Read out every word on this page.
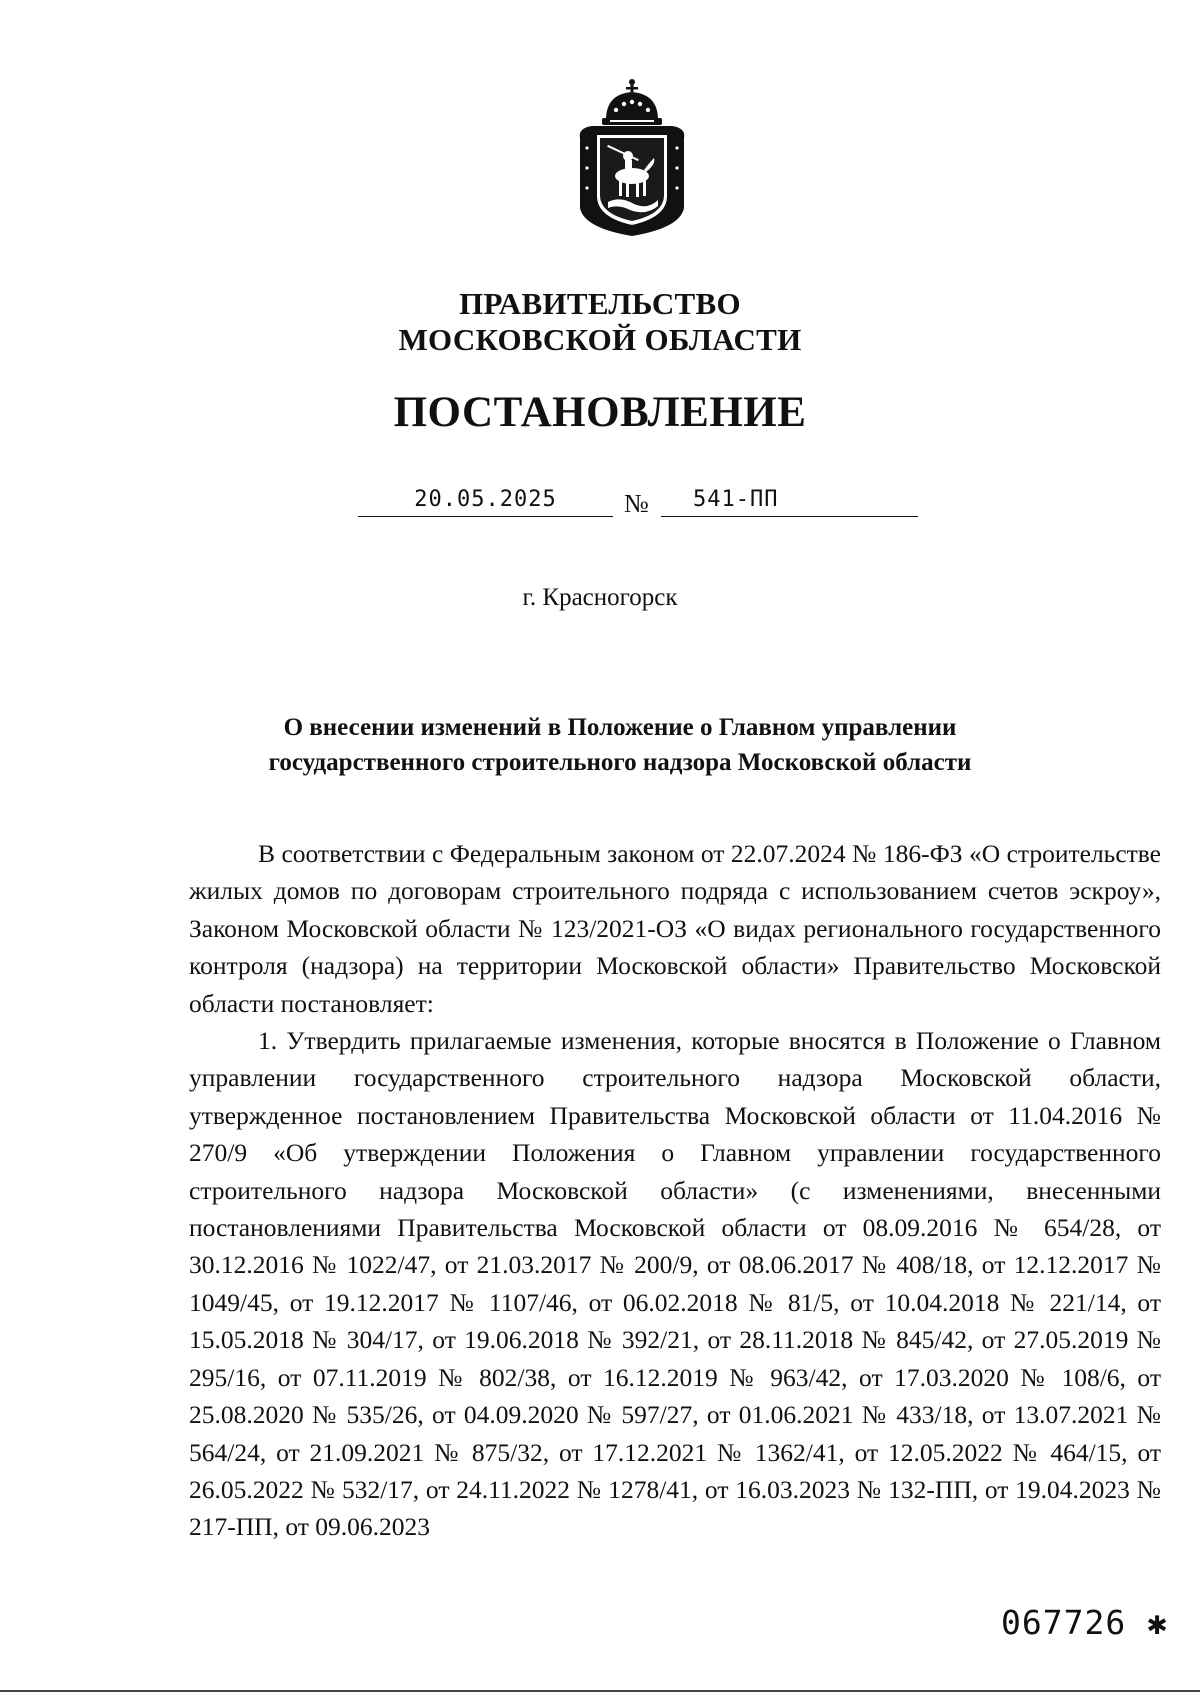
ПРАВИТЕЛЬСТВО
МОСКОВСКОЙ ОБЛАСТИ
ПОСТАНОВЛЕНИЕ
20.05.2025	№	541-ПП
г. Красногорск
О внесении изменений в Положение о Главном управлении
государственного строительного надзора Московской области

В соответствии с Федеральным законом от 22.07.2024 № 186-ФЗ «О строительстве жилых домов по договорам строительного подряда с использованием счетов эскроу», Законом Московской области № 123/2021-ОЗ «О видах регионального государственного контроля (надзора) на территории Московской области» Правительство Московской области постановляет:

1. Утвердить прилагаемые изменения, которые вносятся в Положение о Главном управлении государственного строительного надзора Московской области, утвержденное постановлением Правительства Московской области от 11.04.2016 № 270/9 «Об утверждении Положения о Главном управлении государственного строительного надзора Московской области» (с изменениями, внесенными постановлениями Правительства Московской области от 08.09.2016 № 654/28, от 30.12.2016 № 1022/47, от 21.03.2017 № 200/9, от 08.06.2017 № 408/18, от 12.12.2017 № 1049/45, от 19.12.2017 № 1107/46, от 06.02.2018 № 81/5, от 10.04.2018 № 221/14, от 15.05.2018 № 304/17, от 19.06.2018 № 392/21, от 28.11.2018 № 845/42, от 27.05.2019 № 295/16, от 07.11.2019 № 802/38, от 16.12.2019 № 963/42, от 17.03.2020 № 108/6, от 25.08.2020 № 535/26, от 04.09.2020 № 597/27, от 01.06.2021 № 433/18, от 13.07.2021 № 564/24, от 21.09.2021 № 875/32, от 17.12.2021 № 1362/41, от 12.05.2022 № 464/15, от 26.05.2022 № 532/17, от 24.11.2022 № 1278/41, от 16.03.2023 № 132-ПП, от 19.04.2023 № 217-ПП, от 09.06.2023

067726 ✱
